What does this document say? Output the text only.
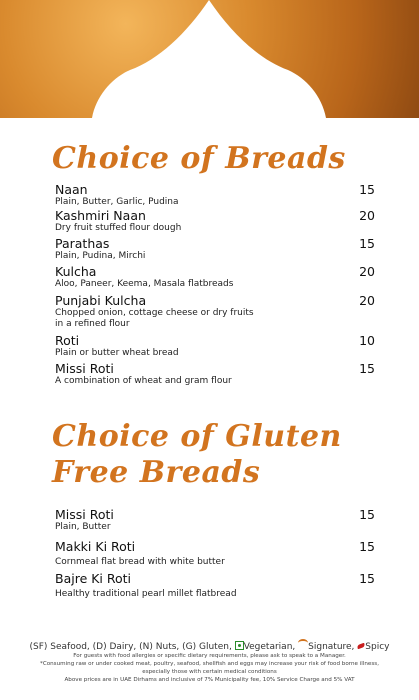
Choice of Breads
Naan
Plain, Butter, Garlic, Pudina
15
Kashmiri Naan
Dry fruit stuffed flour dough
20
Parathas
Plain, Pudina, Mirchi
15
Kulcha
Aloo, Paneer, Keema, Masala flatbreads
20
Punjabi Kulcha
Chopped onion, cottage cheese or dry fruits
in a refined flour
20
Roti
Plain or butter wheat bread
10
Missi Roti
A combination of wheat and gram flour
15
Choice of Gluten
Free Breads
Missi Roti
Plain, Butter
15
Makki Ki Roti
Cornmeal flat bread with white butter
15
Bajre Ki Roti
Healthy traditional pearl millet flatbread
15
(SF) Seafood, (D) Dairy, (N) Nuts, (G) Gluten, Vegetarian, Signature, Spicy
For guests with food allergies or specific dietary requirements, please ask to speak to a Manager.
*Consuming raw or under cooked meat, poultry, seafood, shellfish and eggs may increase your risk of food borne illness,
especially those with certain medical conditions
Above prices are in UAE Dirhams and inclusive of 7% Municipality fee, 10% Service Charge and 5% VAT
